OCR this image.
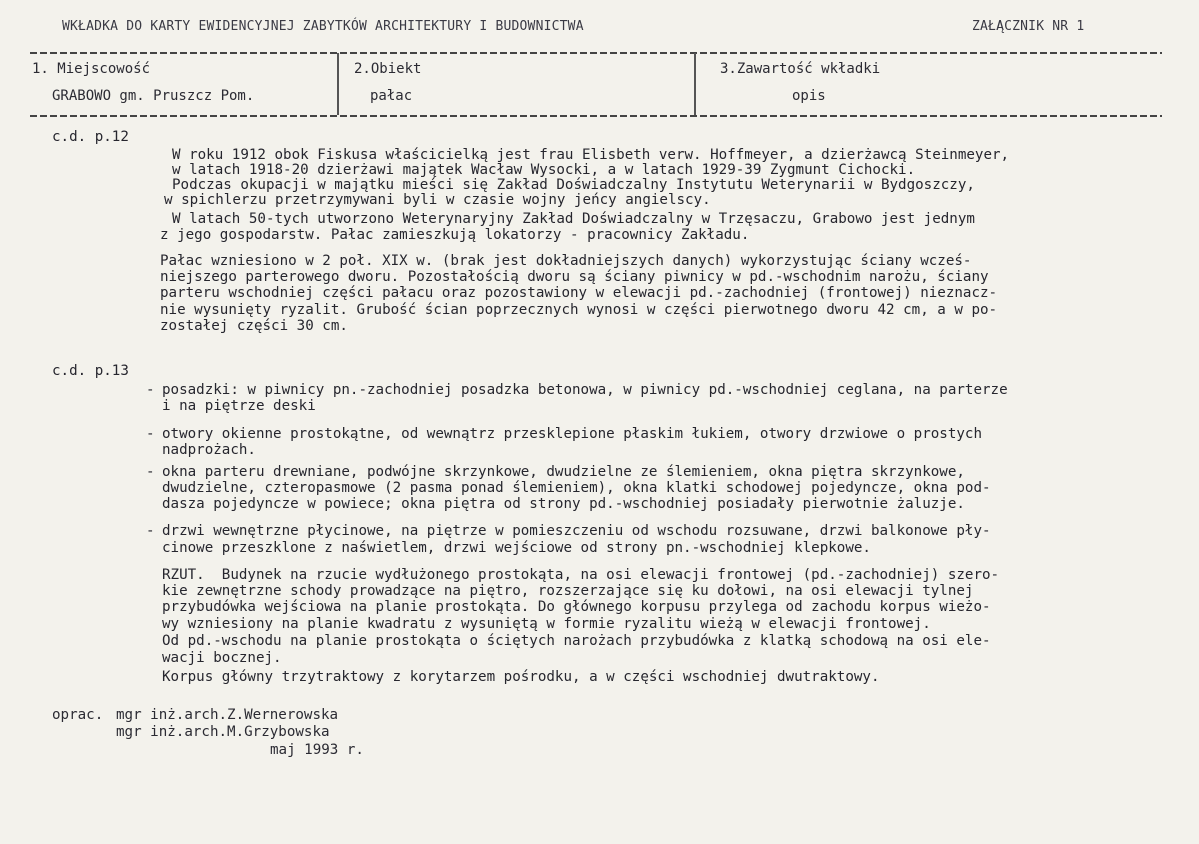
WKŁADKA DO KARTY EWIDENCYJNEJ ZABYTKÓW ARCHITEKTURY I BUDOWNICTWA	ZAŁĄCZNIK NR 1
1. Miejscowość
GRABOWO gm. Pruszcz Pom.
2.Obiekt
pałac
3.Zawartość wkładki
opis
c.d. p.12
W roku 1912 obok Fiskusa właścicielką jest frau Elisbeth verw. Hoffmeyer, a dzierżawcą Steinmeyer,
w latach 1918-20 dzierżawi majątek Wacław Wysocki, a w latach 1929-39 Zygmunt Cichocki.
Podczas okupacji w majątku mieści się Zakład Doświadczalny Instytutu Weterynarii w Bydgoszczy,
w spichlerzu przetrzymywani byli w czasie wojny jeńcy angielscy.
W latach 50-tych utworzono Weterynaryjny Zakład Doświadczalny w Trzęsaczu, Grabowo jest jednym
z jego gospodarstw. Pałac zamieszkują lokatorzy - pracownicy Zakładu.
Pałac wzniesiono w 2 poł. XIX w. (brak jest dokładniejszych danych) wykorzystując ściany wcześ-
niejszego parterowego dworu. Pozostałością dworu są ściany piwnicy w pd.-wschodnim narożu, ściany
parteru wschodniej części pałacu oraz pozostawiony w elewacji pd.-zachodniej (frontowej) nieznacz-
nie wysunięty ryzalit. Grubość ścian poprzecznych wynosi w części pierwotnego dworu 42 cm, a w po-
zostałej części 30 cm.
c.d. p.13
- posadzki: w piwnicy pn.-zachodniej posadzka betonowa, w piwnicy pd.-wschodniej ceglana, na parterze
i na piętrze deski
- otwory okienne prostokątne, od wewnątrz przesklepione płaskim łukiem, otwory drzwiowe o prostych
nadprożach.
- okna parteru drewniane, podwójne skrzynkowe, dwudzielne ze ślemieniem, okna piętra skrzynkowe,
dwudzielne, czteropasmowe (2 pasma ponad ślemieniem), okna klatki schodowej pojedyncze, okna pod-
dasza pojedyncze w powiece; okna piętra od strony pd.-wschodniej posiadały pierwotnie żaluzje.
- drzwi wewnętrzne płycinowe, na piętrze w pomieszczeniu od wschodu rozsuwane, drzwi balkonowe pły-
cinowe przeszklone z naświetlem, drzwi wejściowe od strony pn.-wschodniej klepkowe.
RZUT.  Budynek na rzucie wydłużonego prostokąta, na osi elewacji frontowej (pd.-zachodniej) szero-
kie zewnętrzne schody prowadzące na piętro, rozszerzające się ku dołowi, na osi elewacji tylnej
przybudówka wejściowa na planie prostokąta. Do głównego korpusu przylega od zachodu korpus wieżo-
wy wzniesiony na planie kwadratu z wysuniętą w formie ryzalitu wieżą w elewacji frontowej.
Od pd.-wschodu na planie prostokąta o ściętych narożach przybudówka z klatką schodową na osi ele-
wacji bocznej.
Korpus główny trzytraktowy z korytarzem pośrodku, a w części wschodniej dwutraktowy.
oprac. mgr inż.arch.Z.Wernerowska
mgr inż.arch.M.Grzybowska
maj 1993 r.
